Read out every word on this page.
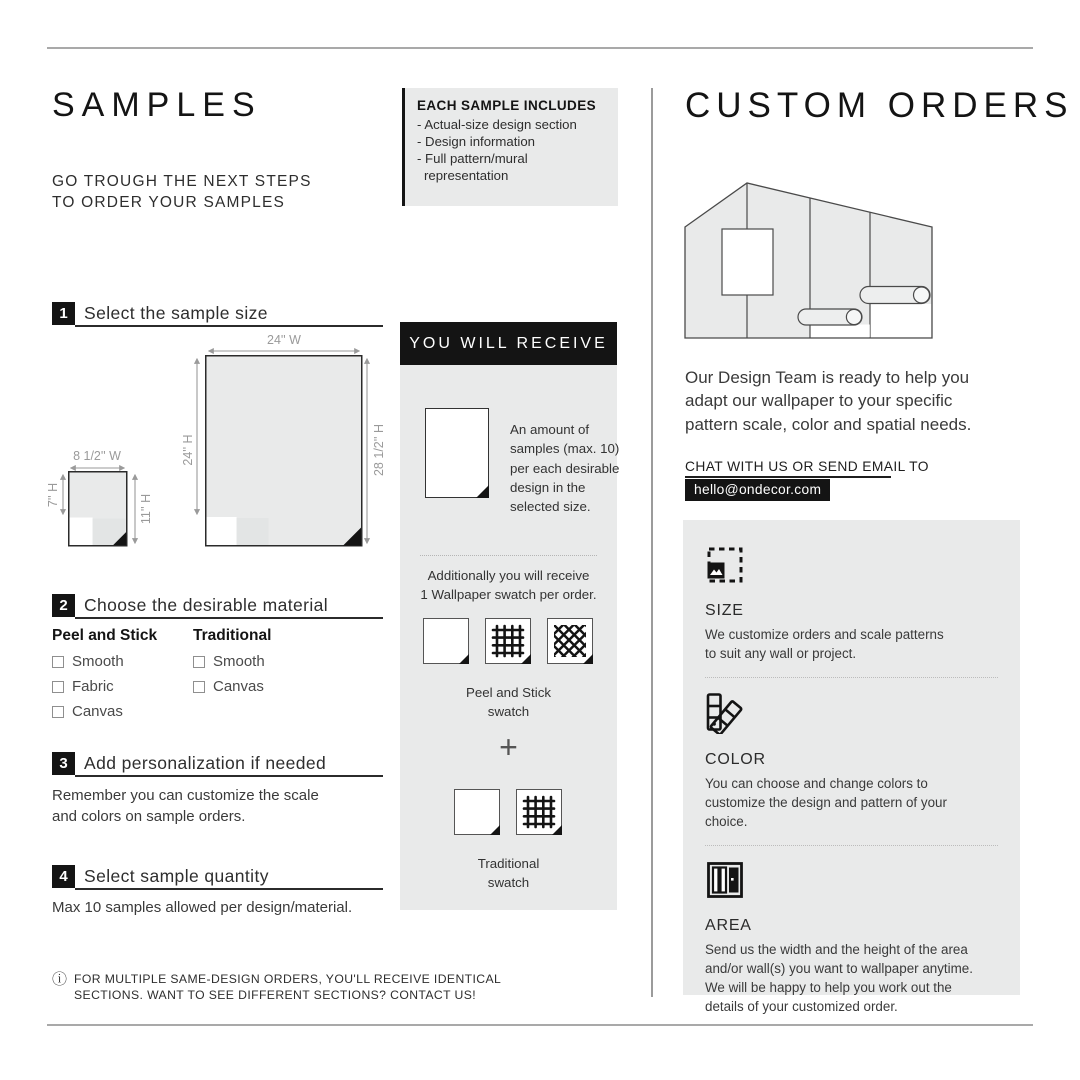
SAMPLES
GO TROUGH THE NEXT STEPS
TO ORDER YOUR SAMPLES
EACH SAMPLE INCLUDES
- Actual-size design section
- Design information
- Full pattern/mural
representation
1 Select the sample size
24'' W
24'' H	28 1/2'' H
8 1/2'' W
7'' H	11'' H
2 Choose the desirable material
Peel and Stick
Smooth
Fabric
Canvas
Traditional
Smooth
Canvas
3 Add personalization if needed
Remember you can customize the scale
and colors on sample orders.
4 Select sample quantity
Max 10 samples allowed per design/material.
ⓘ FOR MULTIPLE SAME-DESIGN ORDERS, YOU'LL RECEIVE IDENTICAL
SECTIONS. WANT TO SEE DIFFERENT SECTIONS? CONTACT US!
YOU WILL RECEIVE
An amount of
samples (max. 10)
per each desirable
design in the
selected size.
Additionally you will receive
1 Wallpaper swatch per order.
Peel and Stick
swatch
+
Traditional
swatch
CUSTOM ORDERS
Our Design Team is ready to help you
adapt our wallpaper to your specific
pattern scale, color and spatial needs.
CHAT WITH US OR SEND EMAIL TO
hello@ondecor.com
SIZE
We customize orders and scale patterns
to suit any wall or project.
COLOR
You can choose and change colors to
customize the design and pattern of your
choice.
AREA
Send us the width and the height of the area
and/or wall(s) you want to wallpaper anytime.
We will be happy to help you work out the
details of your customized order.
